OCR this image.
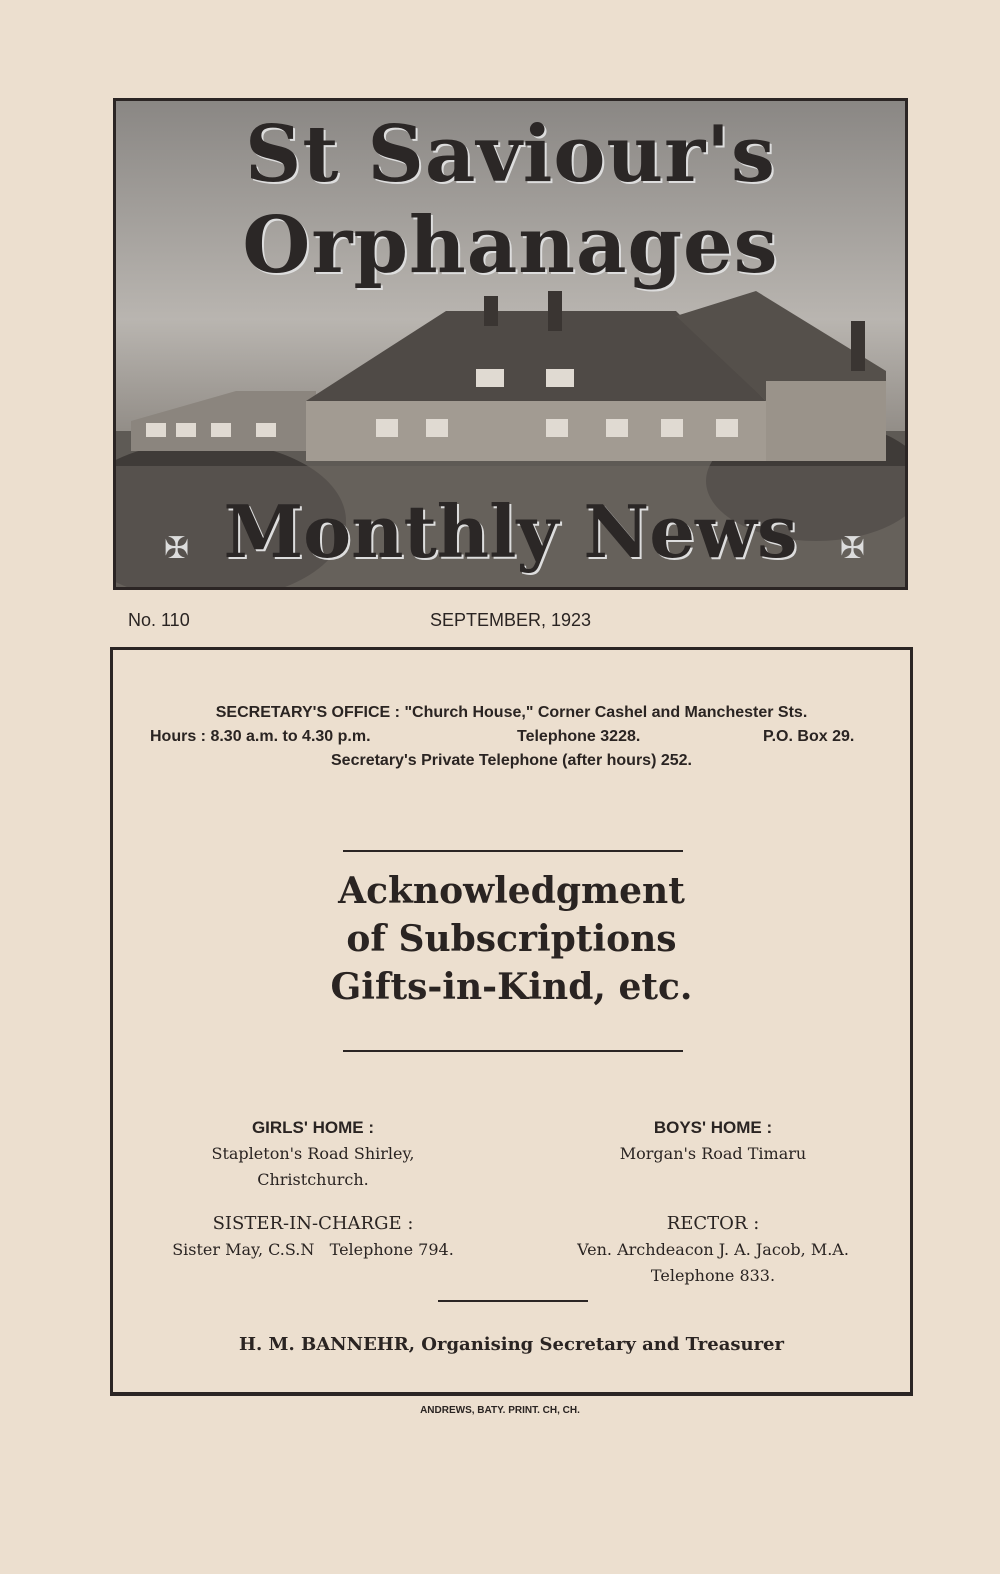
St Saviour's Orphanages
Monthly News
✠	✠
No. 110	SEPTEMBER, 1923
SECRETARY'S OFFICE : "Church House," Corner Cashel and Manchester Sts.
Hours : 8.30 a.m. to 4.30 p.m.	Telephone 3228.	P.O. Box 29.
Secretary's Private Telephone (after hours) 252.
Acknowledgment
of Subscriptions
Gifts-in-Kind, etc.
GIRLS' HOME :
Stapleton's Road Shirley,
Christchurch.
SISTER-IN-CHARGE :
Sister May, C.S.N Telephone 794.
BOYS' HOME :
Morgan's Road Timaru
RECTOR :
Ven. Archdeacon J. A. Jacob, M.A.
Telephone 833.
H. M. BANNEHR, Organising Secretary and Treasurer
ANDREWS, BATY. PRINT. CH, CH.
